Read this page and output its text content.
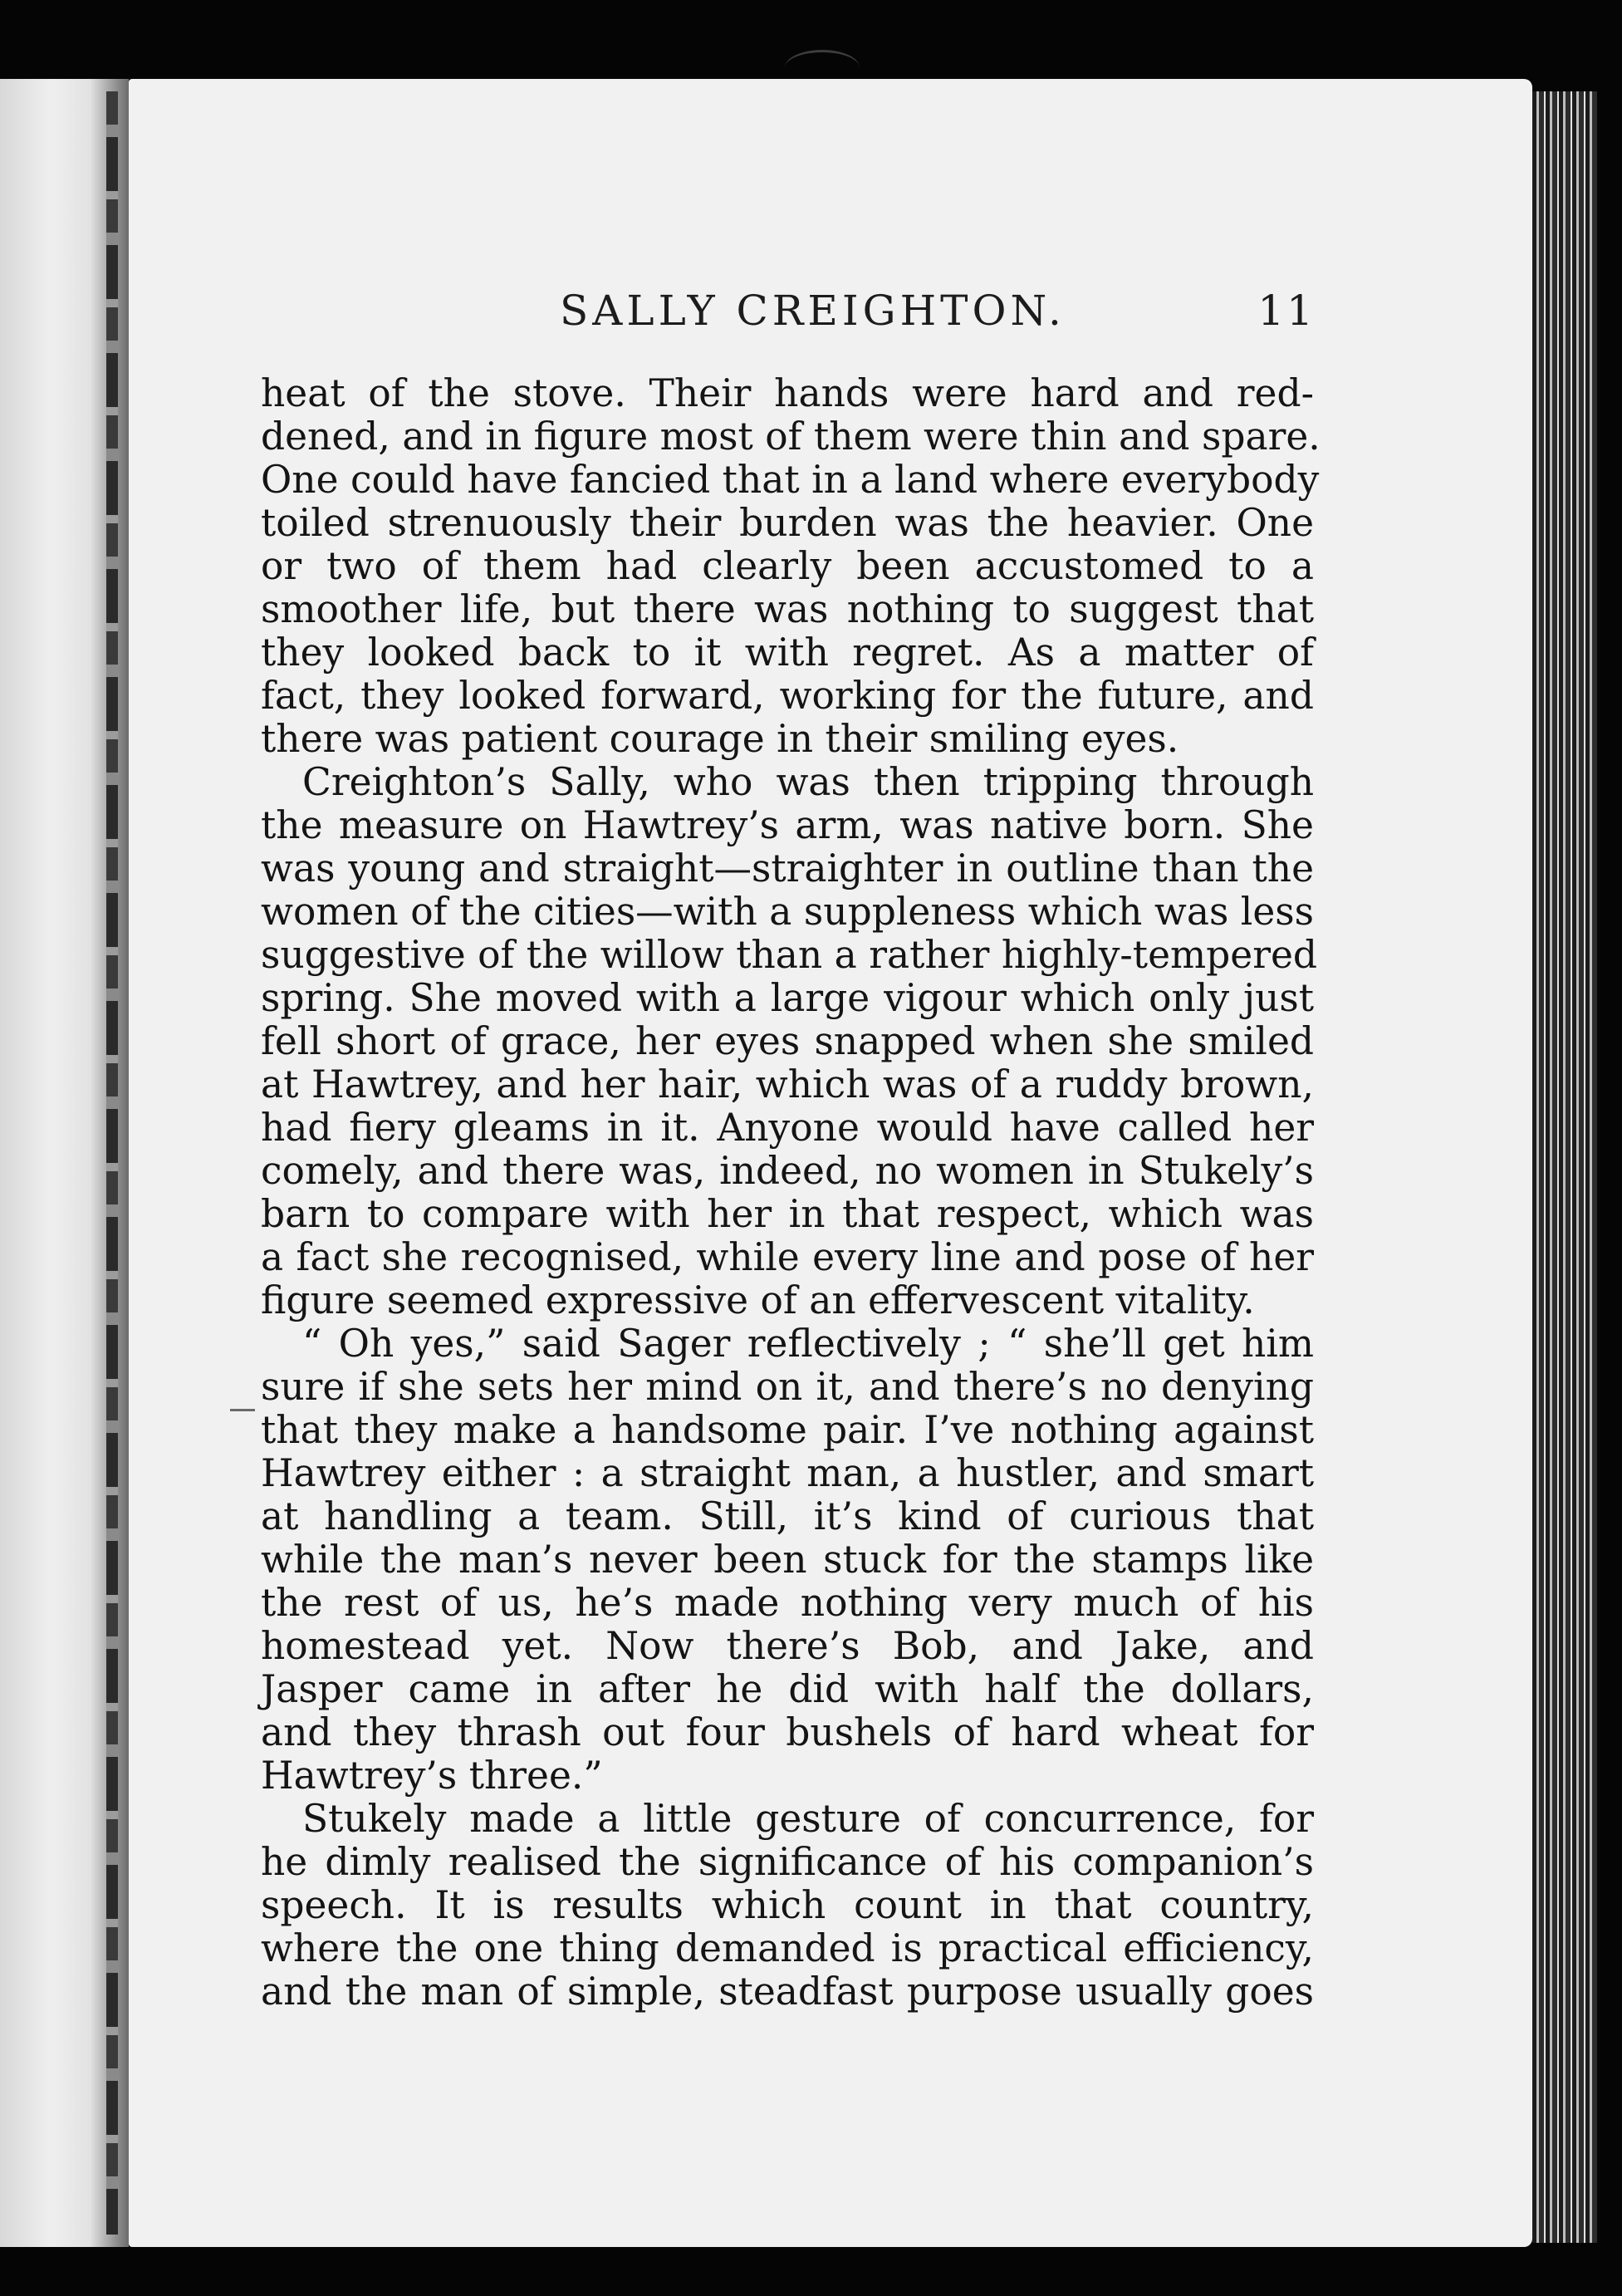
SALLY CREIGHTON.	11
heat of the stove. Their hands were hard and red-
dened, and in figure most of them were thin and spare.
One could have fancied that in a land where everybody
toiled strenuously their burden was the heavier. One
or two of them had clearly been accustomed to a
smoother life, but there was nothing to suggest that
they looked back to it with regret. As a matter of
fact, they looked forward, working for the future, and
there was patient courage in their smiling eyes.
Creighton’s Sally, who was then tripping through
the measure on Hawtrey’s arm, was native born. She
was young and straight—straighter in outline than the
women of the cities—with a suppleness which was less
suggestive of the willow than a rather highly-tempered
spring. She moved with a large vigour which only just
fell short of grace, her eyes snapped when she smiled
at Hawtrey, and her hair, which was of a ruddy brown,
had fiery gleams in it. Anyone would have called her
comely, and there was, indeed, no women in Stukely’s
barn to compare with her in that respect, which was
a fact she recognised, while every line and pose of her
figure seemed expressive of an effervescent vitality.
“ Oh yes,” said Sager reflectively ; “ she’ll get him
sure if she sets her mind on it, and there’s no denying
that they make a handsome pair. I’ve nothing against
Hawtrey either : a straight man, a hustler, and smart
at handling a team. Still, it’s kind of curious that
while the man’s never been stuck for the stamps like
the rest of us, he’s made nothing very much of his
homestead yet. Now there’s Bob, and Jake, and
Jasper came in after he did with half the dollars,
and they thrash out four bushels of hard wheat for
Hawtrey’s three.”
Stukely made a little gesture of concurrence, for
he dimly realised the significance of his companion’s
speech. It is results which count in that country,
where the one thing demanded is practical efficiency,
and the man of simple, steadfast purpose usually goes
